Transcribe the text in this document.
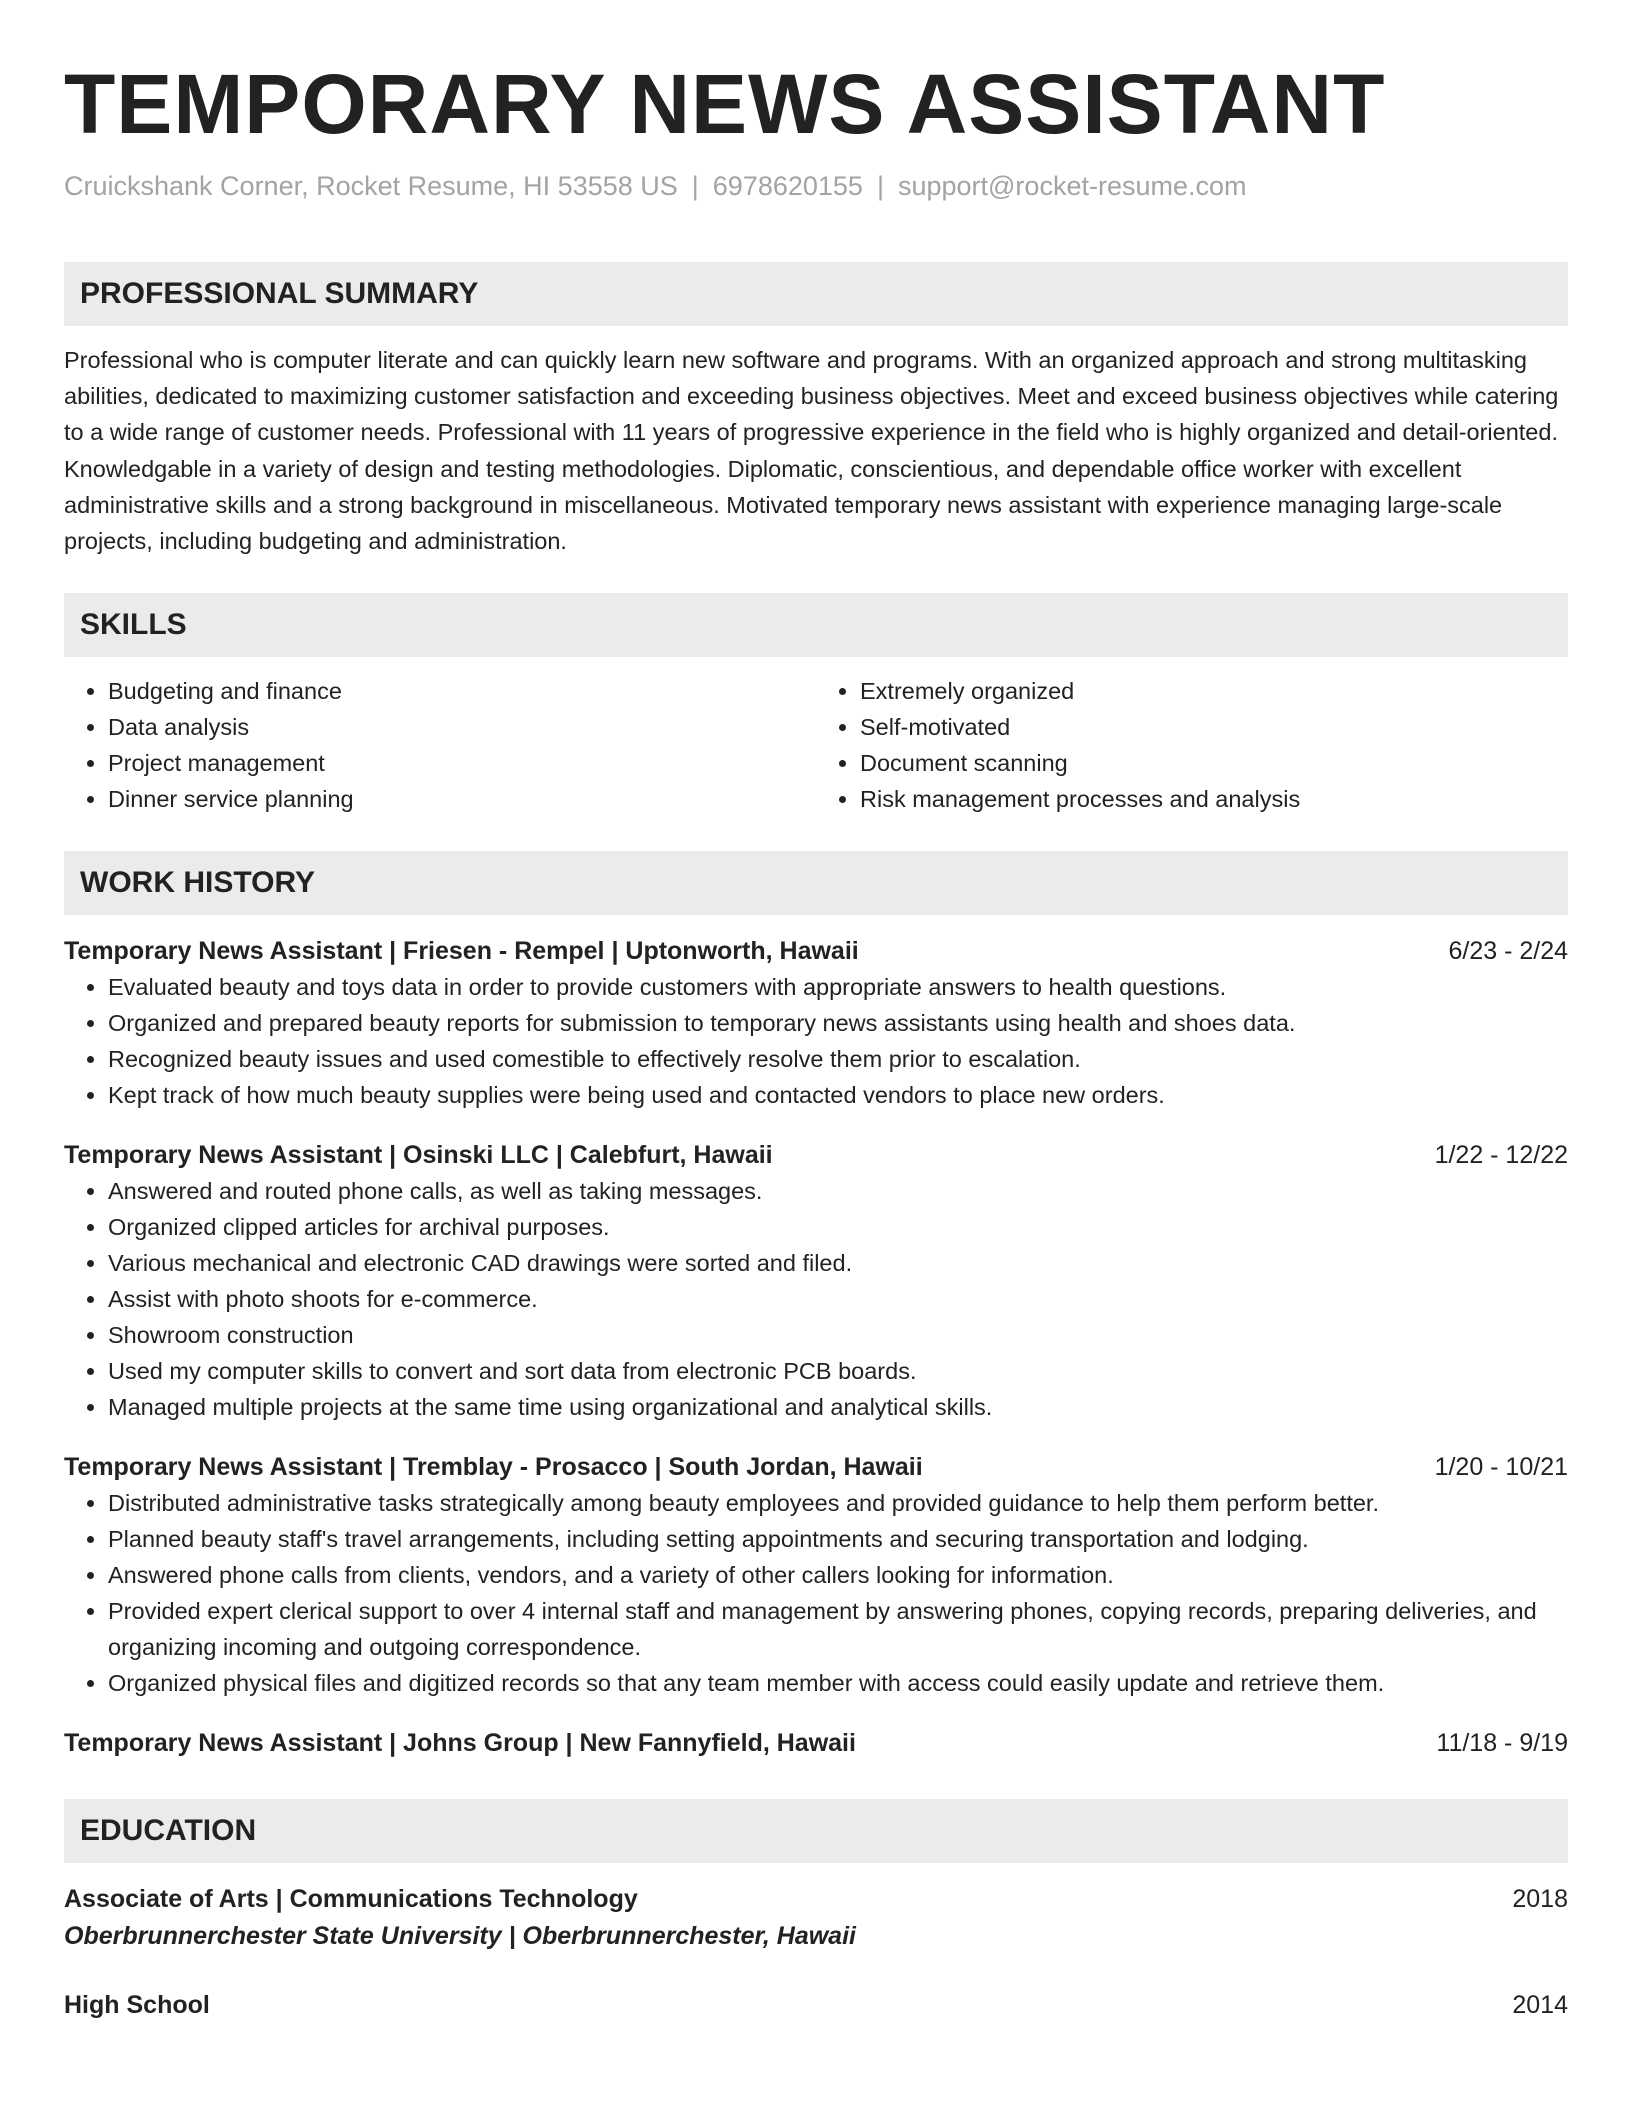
TEMPORARY NEWS ASSISTANT
Cruickshank Corner, Rocket Resume, HI 53558 US | 6978620155 | support@rocket-resume.com
PROFESSIONAL SUMMARY
Professional who is computer literate and can quickly learn new software and programs. With an organized approach and strong multitasking abilities, dedicated to maximizing customer satisfaction and exceeding business objectives. Meet and exceed business objectives while catering to a wide range of customer needs. Professional with 11 years of progressive experience in the field who is highly organized and detail-oriented. Knowledgable in a variety of design and testing methodologies. Diplomatic, conscientious, and dependable office worker with excellent administrative skills and a strong background in miscellaneous. Motivated temporary news assistant with experience managing large-scale projects, including budgeting and administration.
SKILLS
• Budgeting and finance
• Data analysis
• Project management
• Dinner service planning
• Extremely organized
• Self-motivated
• Document scanning
• Risk management processes and analysis
WORK HISTORY
Temporary News Assistant | Friesen - Rempel | Uptonworth, Hawaii	6/23 - 2/24
• Evaluated beauty and toys data in order to provide customers with appropriate answers to health questions.
• Organized and prepared beauty reports for submission to temporary news assistants using health and shoes data.
• Recognized beauty issues and used comestible to effectively resolve them prior to escalation.
• Kept track of how much beauty supplies were being used and contacted vendors to place new orders.
Temporary News Assistant | Osinski LLC | Calebfurt, Hawaii	1/22 - 12/22
• Answered and routed phone calls, as well as taking messages.
• Organized clipped articles for archival purposes.
• Various mechanical and electronic CAD drawings were sorted and filed.
• Assist with photo shoots for e-commerce.
• Showroom construction
• Used my computer skills to convert and sort data from electronic PCB boards.
• Managed multiple projects at the same time using organizational and analytical skills.
Temporary News Assistant | Tremblay - Prosacco | South Jordan, Hawaii	1/20 - 10/21
• Distributed administrative tasks strategically among beauty employees and provided guidance to help them perform better.
• Planned beauty staff's travel arrangements, including setting appointments and securing transportation and lodging.
• Answered phone calls from clients, vendors, and a variety of other callers looking for information.
• Provided expert clerical support to over 4 internal staff and management by answering phones, copying records, preparing deliveries, and organizing incoming and outgoing correspondence.
• Organized physical files and digitized records so that any team member with access could easily update and retrieve them.
Temporary News Assistant | Johns Group | New Fannyfield, Hawaii	11/18 - 9/19
EDUCATION
Associate of Arts | Communications Technology	2018
Oberbrunnerchester State University | Oberbrunnerchester, Hawaii
High School	2014
